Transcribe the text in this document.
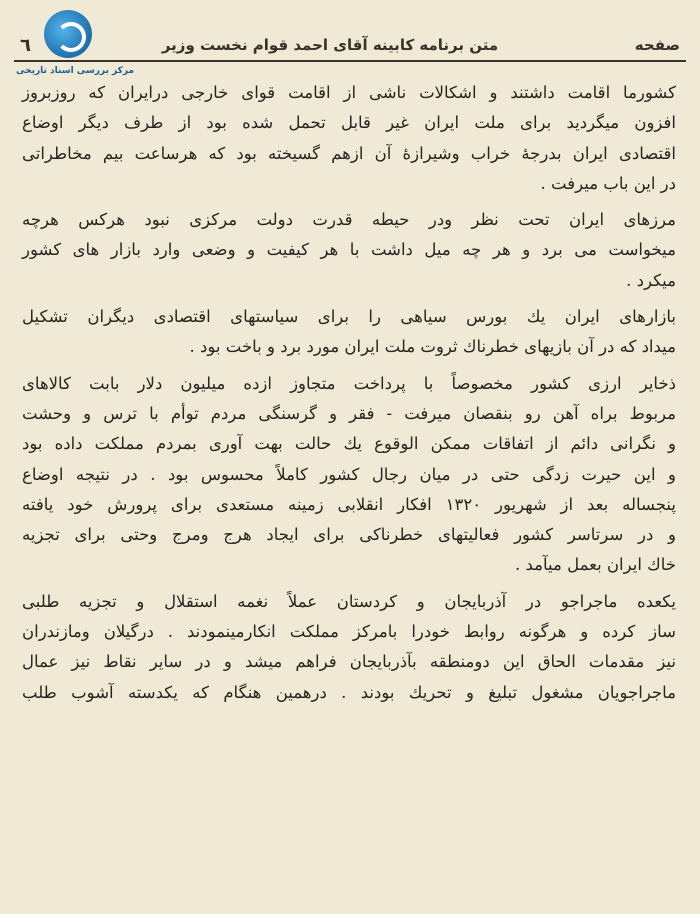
مرکز بررسی اسناد تاریخی
صفحه
متن برنامه کابینه آقای احمد قوام نخست وزیر
٦

کشورما اقامت داشتند و اشکالات ناشی از اقامت قوای خارجی درایران که روزبروز
افزون میگردید برای ملت ایران غیر قابل تحمل شده بود از طرف دیگر اوضاع
اقتصادی ایران بدرجهٔ خراب وشیرازهٔ آن ازهم گسیخته بود که هرساعت بیم مخاطراتی
در این باب میرفت .

مرزهای ایران تحت نظر ودر حیطه قدرت دولت مرکزی نبود هرکس هرچه
میخواست می برد و هر چه میل داشت با هر کیفیت و وضعی وارد بازار های کشور
میکرد .

بازارهای ایران یك بورس سیاهی را برای سیاستهای اقتصادی دیگران تشکیل
میداد که در آن بازیهای خطرناك ثروت ملت ایران مورد برد و باخت بود .

ذخایر ارزی کشور مخصوصاً با پرداخت متجاوز ازده میلیون دلار بابت کالاهای
مربوط براه آهن رو بنقصان میرفت - فقر و گرسنگی مردم توأم با ترس و وحشت
و نگرانی دائم از اتفاقات ممکن الوقوع یك حالت بهت آوری بمردم مملکت داده بود
و این حیرت زدگی حتی در میان رجال کشور کاملاً محسوس بود . در نتیجه اوضاع
پنجساله بعد از شهریور ۱۳۲۰ افکار انقلابی زمینه مستعدی برای پرورش خود یافته
و در سرتاسر کشور فعالیتهای خطرناکی برای ایجاد هرج ومرج وحتی برای تجزیه
خاك ایران بعمل میآمد .

یکعده ماجراجو در آذربایجان و کردستان عملاً نغمه استقلال و تجزیه طلبی
ساز کرده و هرگونه روابط خودرا بامرکز مملکت انکارمینمودند . درگیلان ومازندران
نیز مقدمات الحاق این دومنطقه بآذربایجان فراهم میشد و در سایر نقاط نیز عمال
ماجراجویان مشغول تبلیغ و تحریك بودند . درهمین هنگام که یکدسته آشوب طلب
